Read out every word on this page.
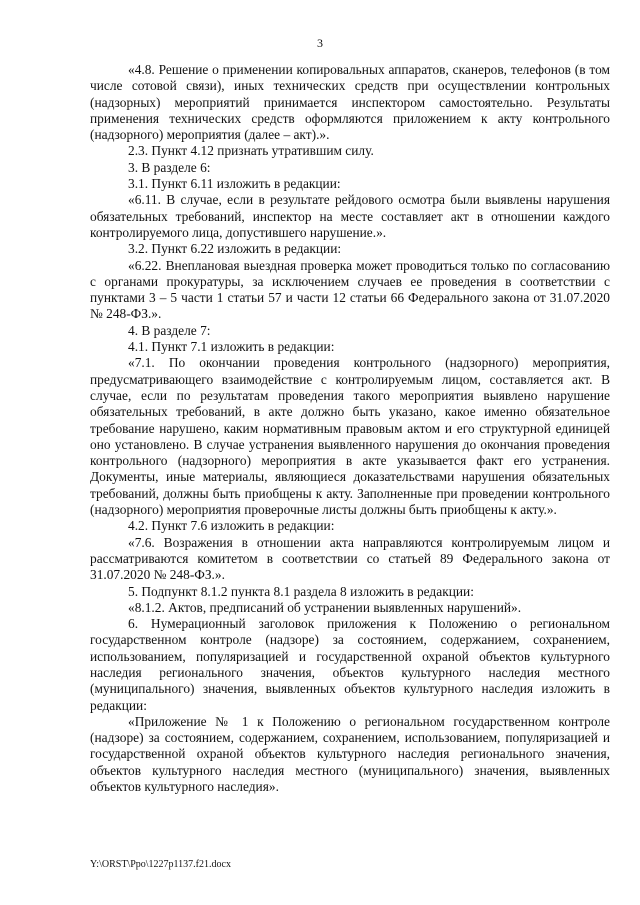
3

«4.8. Решение о применении копировальных аппаратов, сканеров, телефонов (в том числе сотовой связи), иных технических средств при осуществлении контрольных (надзорных) мероприятий принимается инспектором самостоятельно. Результаты применения технических средств оформляются приложением к акту контрольного (надзорного) мероприятия (далее – акт).».

2.3. Пункт 4.12 признать утратившим силу.

3. В разделе 6:

3.1. Пункт 6.11 изложить в редакции:

«6.11. В случае, если в результате рейдового осмотра были выявлены нарушения обязательных требований, инспектор на месте составляет акт в отношении каждого контролируемого лица, допустившего нарушение.».

3.2. Пункт 6.22 изложить в редакции:

«6.22. Внеплановая выездная проверка может проводиться только по согласованию с органами прокуратуры, за исключением случаев ее проведения в соответствии с пунктами 3 – 5 части 1 статьи 57 и части 12 статьи 66 Федерального закона от 31.07.2020 № 248-ФЗ.».

4. В разделе 7:

4.1. Пункт 7.1 изложить в редакции:

«7.1. По окончании проведения контрольного (надзорного) мероприятия, предусматривающего взаимодействие с контролируемым лицом, составляется акт. В случае, если по результатам проведения такого мероприятия выявлено нарушение обязательных требований, в акте должно быть указано, какое именно обязательное требование нарушено, каким нормативным правовым актом и его структурной единицей оно установлено. В случае устранения выявленного нарушения до окончания проведения контрольного (надзорного) мероприятия в акте указывается факт его устранения. Документы, иные материалы, являющиеся доказательствами нарушения обязательных требований, должны быть приобщены к акту. Заполненные при проведении контрольного (надзорного) мероприятия проверочные листы должны быть приобщены к акту.».

4.2. Пункт 7.6 изложить в редакции:

«7.6. Возражения в отношении акта направляются контролируемым лицом и рассматриваются комитетом в соответствии со статьей 89 Федерального закона от 31.07.2020 № 248-ФЗ.».

5. Подпункт 8.1.2 пункта 8.1 раздела 8 изложить в редакции:

«8.1.2. Актов, предписаний об устранении выявленных нарушений».

6. Нумерационный заголовок приложения к Положению о региональном государственном контроле (надзоре) за состоянием, содержанием, сохранением, использованием, популяризацией и государственной охраной объектов культурного наследия регионального значения, объектов культурного наследия местного (муниципального) значения, выявленных объектов культурного наследия изложить в редакции:

«Приложение № 1 к Положению о региональном государственном контроле (надзоре) за состоянием, содержанием, сохранением, использованием, популяризацией и государственной охраной объектов культурного наследия регионального значения, объектов культурного наследия местного (муниципального) значения, выявленных объектов культурного наследия».

Y:\ORST\Ppo\1227p1137.f21.docx
